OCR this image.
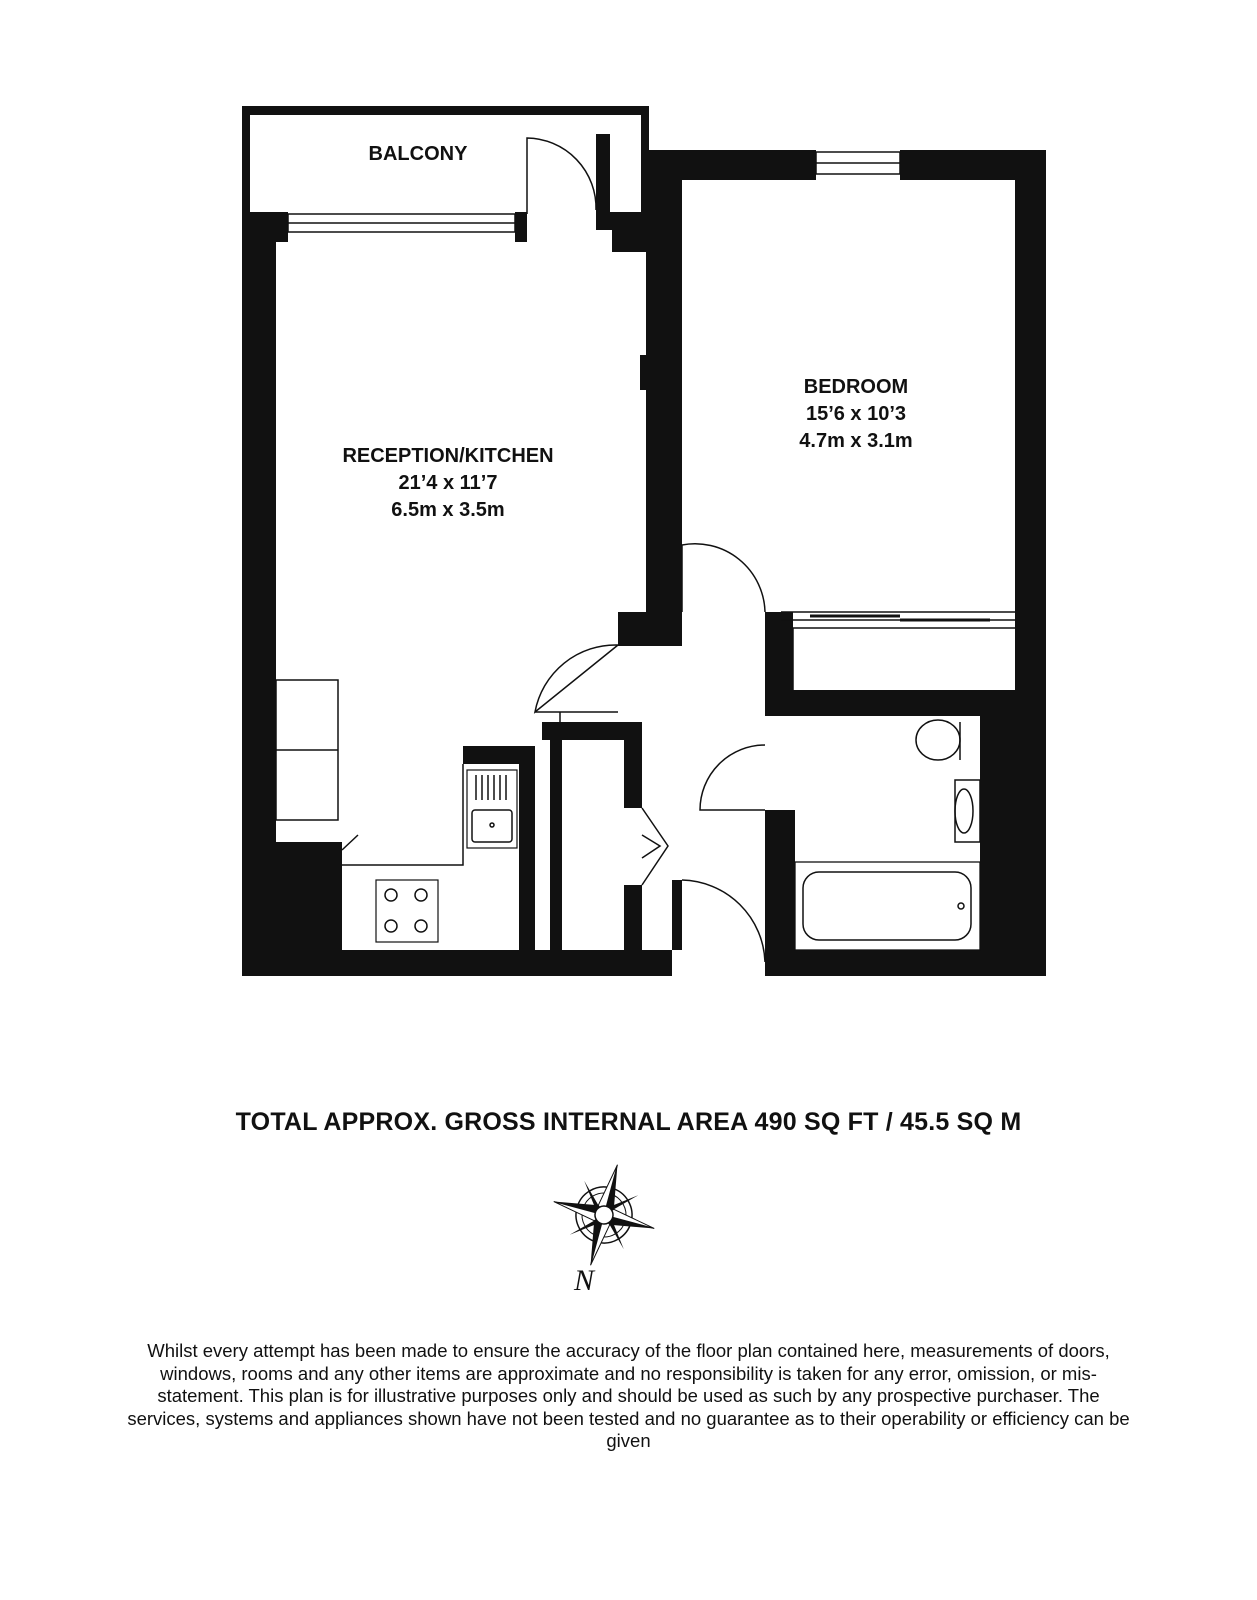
BALCONY
RECEPTION/KITCHEN
21’4 x 11’7
6.5m x 3.5m
BEDROOM
15’6 x 10’3
4.7m x 3.1m
N
TOTAL APPROX. GROSS INTERNAL AREA 490 SQ FT / 45.5 SQ M
Whilst every attempt has been made to ensure the accuracy of the floor plan contained here, measurements of doors, windows, rooms and any other items are approximate and no responsibility is taken for any error, omission, or mis-statement. This plan is for illustrative purposes only and should be used as such by any prospective purchaser. The services, systems and appliances shown have not been tested and no guarantee as to their operability or efficiency can be given
